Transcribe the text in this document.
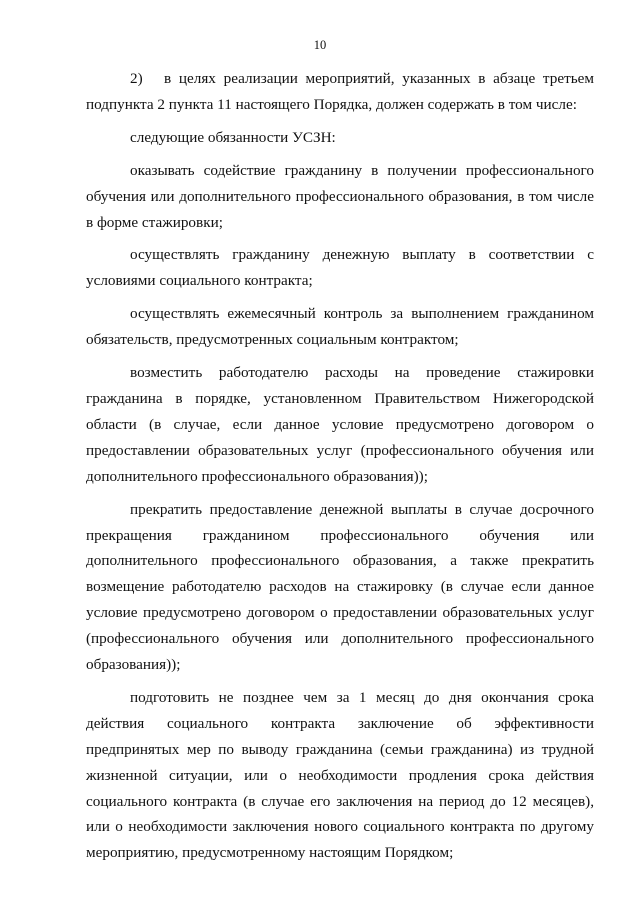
10

2) в целях реализации мероприятий, указанных в абзаце третьем подпункта 2 пункта 11 настоящего Порядка, должен содержать в том числе:

следующие обязанности УСЗН:

оказывать содействие гражданину в получении профессионального обучения или дополнительного профессионального образования, в том числе в форме стажировки;

осуществлять гражданину денежную выплату в соответствии с условиями социального контракта;

осуществлять ежемесячный контроль за выполнением гражданином обязательств, предусмотренных социальным контрактом;

возместить работодателю расходы на проведение стажировки гражданина в порядке, установленном Правительством Нижегородской области (в случае, если данное условие предусмотрено договором о предоставлении образовательных услуг (профессионального обучения или дополнительного профессионального образования));

прекратить предоставление денежной выплаты в случае досрочного прекращения гражданином профессионального обучения или дополнительного профессионального образования, а также прекратить возмещение работодателю расходов на стажировку (в случае если данное условие предусмотрено договором о предоставлении образовательных услуг (профессионального обучения или дополнительного профессионального образования));

подготовить не позднее чем за 1 месяц до дня окончания срока действия социального контракта заключение об эффективности предпринятых мер по выводу гражданина (семьи гражданина) из трудной жизненной ситуации, или о необходимости продления срока действия социального контракта (в случае его заключения на период до 12 месяцев), или о необходимости заключения нового социального контракта по другому мероприятию, предусмотренному настоящим Порядком;
